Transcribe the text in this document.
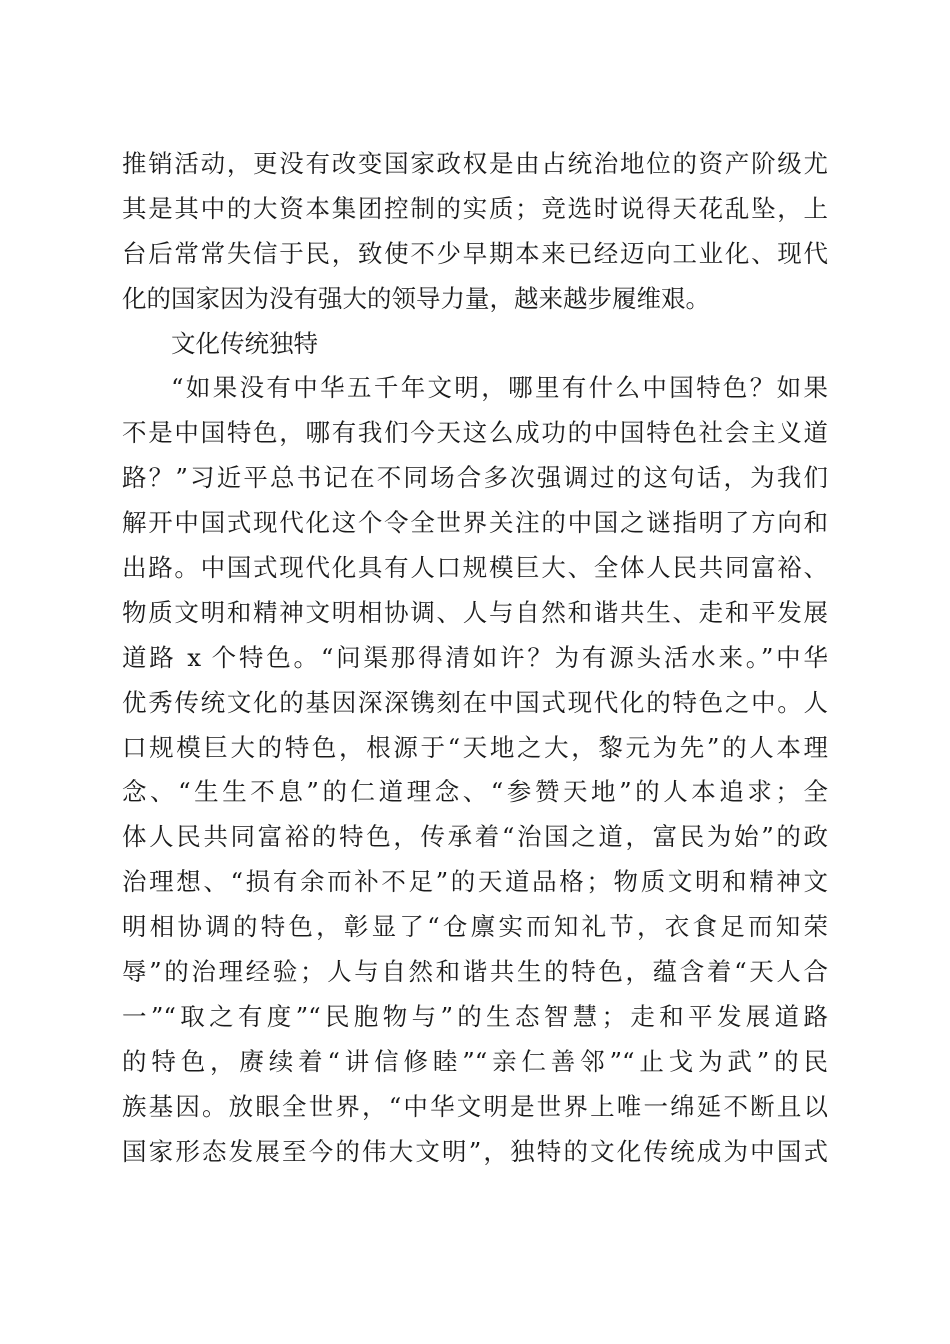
推销活动，更没有改变国家政权是由占统治地位的资产阶级尤
其是其中的大资本集团控制的实质；竞选时说得天花乱坠，上
台后常常失信于民，致使不少早期本来已经迈向工业化、现代
化的国家因为没有强大的领导力量，越来越步履维艰。
文化传统独特
“如果没有中华五千年文明，哪里有什么中国特色？如果
不是中国特色，哪有我们今天这么成功的中国特色社会主义道
路？”习近平总书记在不同场合多次强调过的这句话，为我们
解开中国式现代化这个令全世界关注的中国之谜指明了方向和
出路。中国式现代化具有人口规模巨大、全体人民共同富裕、
物质文明和精神文明相协调、人与自然和谐共生、走和平发展
道路 x 个特色。“问渠那得清如许？为有源头活水来。”中华
优秀传统文化的基因深深镌刻在中国式现代化的特色之中。人
口规模巨大的特色，根源于“天地之大，黎元为先”的人本理
念、“生生不息”的仁道理念、“参赞天地”的人本追求；全
体人民共同富裕的特色，传承着“治国之道，富民为始”的政
治理想、“损有余而补不足”的天道品格；物质文明和精神文
明相协调的特色，彰显了“仓廪实而知礼节，衣食足而知荣
辱”的治理经验；人与自然和谐共生的特色，蕴含着“天人合
一”“取之有度”“民胞物与”的生态智慧；走和平发展道路
的特色，赓续着“讲信修睦”“亲仁善邻”“止戈为武”的民
族基因。放眼全世界，“中华文明是世界上唯一绵延不断且以
国家形态发展至今的伟大文明”，独特的文化传统成为中国式
